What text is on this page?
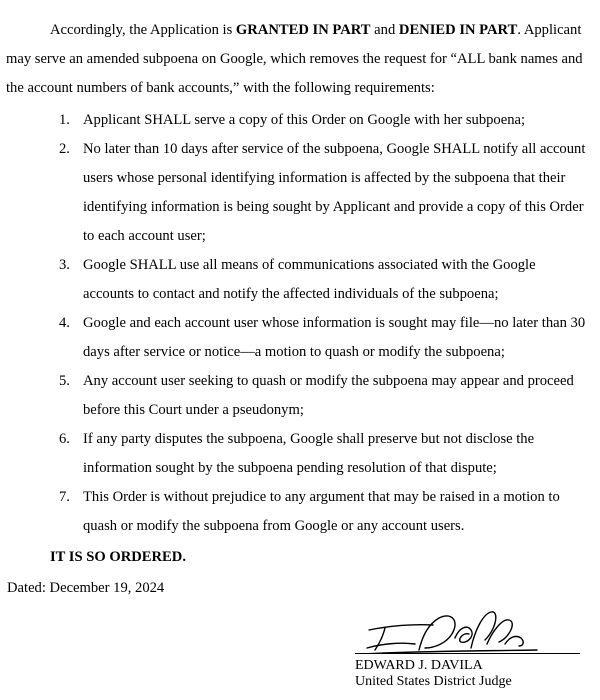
Accordingly, the Application is GRANTED IN PART and DENIED IN PART. Applicant may serve an amended subpoena on Google, which removes the request for “ALL bank names and the account numbers of bank accounts,” with the following requirements:

1. Applicant SHALL serve a copy of this Order on Google with her subpoena;
2. No later than 10 days after service of the subpoena, Google SHALL notify all account users whose personal identifying information is affected by the subpoena that their identifying information is being sought by Applicant and provide a copy of this Order to each account user;
3. Google SHALL use all means of communications associated with the Google accounts to contact and notify the affected individuals of the subpoena;
4. Google and each account user whose information is sought may file—no later than 30 days after service or notice—a motion to quash or modify the subpoena;
5. Any account user seeking to quash or modify the subpoena may appear and proceed before this Court under a pseudonym;
6. If any party disputes the subpoena, Google shall preserve but not disclose the information sought by the subpoena pending resolution of that dispute;
7. This Order is without prejudice to any argument that may be raised in a motion to quash or modify the subpoena from Google or any account users.

IT IS SO ORDERED.

Dated: December 19, 2024

EDWARD J. DAVILA

United States District Judge
